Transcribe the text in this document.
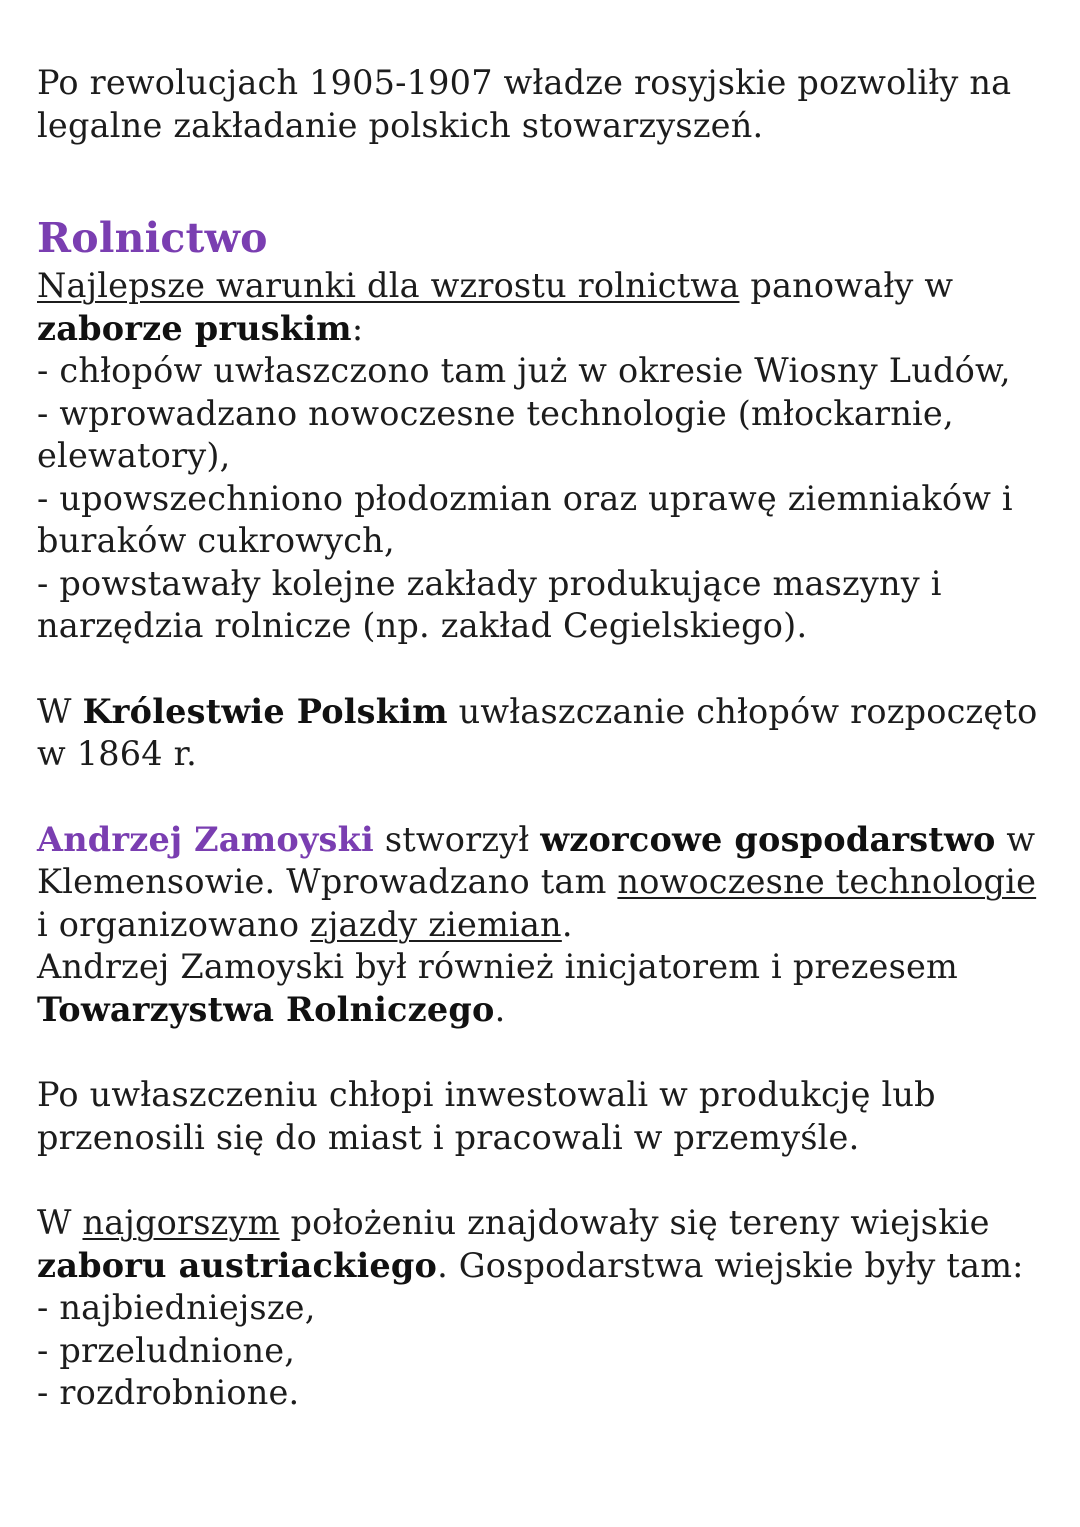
Po rewolucjach 1905-1907 władze rosyjskie pozwoliły na legalne zakładanie polskich stowarzyszeń.

Rolnictwo

Najlepsze warunki dla wzrostu rolnictwa panowały w zaborze pruskim:

- chłopów uwłaszczono tam już w okresie Wiosny Ludów,

- wprowadzano nowoczesne technologie (młockarnie, elewatory),

- upowszechniono płodozmian oraz uprawę ziemniaków i buraków cukrowych,

- powstawały kolejne zakłady produkujące maszyny i narzędzia rolnicze (np. zakład Cegielskiego).

W Królestwie Polskim uwłaszczanie chłopów rozpoczęto w 1864 r.

Andrzej Zamoyski stworzył wzorcowe gospodarstwo w Klemensowie. Wprowadzano tam nowoczesne technologie i organizowano zjazdy ziemian.

Andrzej Zamoyski był również inicjatorem i prezesem Towarzystwa Rolniczego.

Po uwłaszczeniu chłopi inwestowali w produkcję lub przenosili się do miast i pracowali w przemyśle.

W najgorszym położeniu znajdowały się tereny wiejskie zaboru austriackiego. Gospodarstwa wiejskie były tam:

- najbiedniejsze,

- przeludnione,

- rozdrobnione.
